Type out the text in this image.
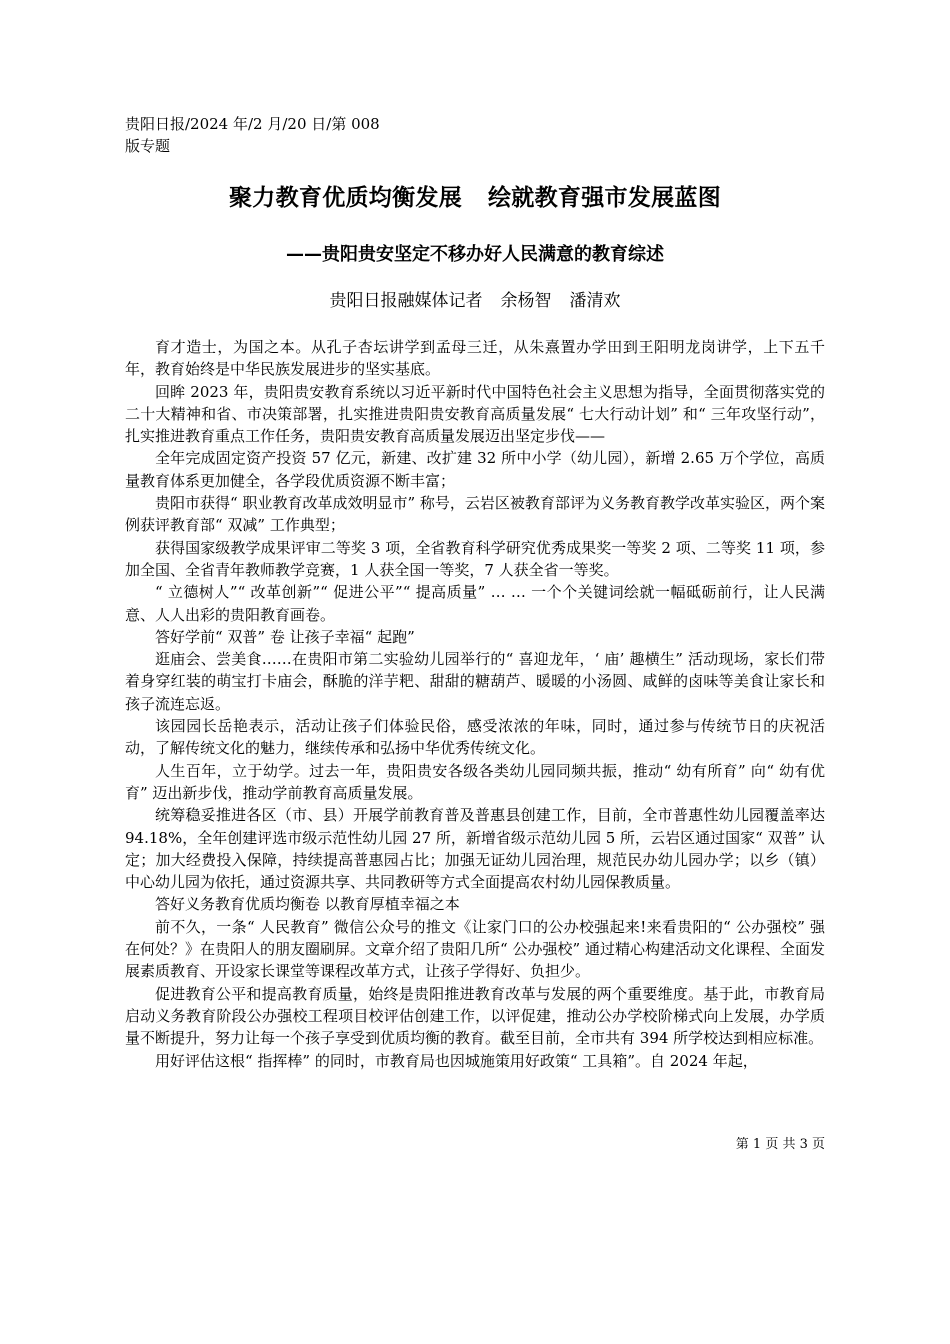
贵阳日报/2024 年/2 月/20 日/第 008
版专题
聚力教育优质均衡发展 绘就教育强市发展蓝图
——贵阳贵安坚定不移办好人民满意的教育综述
贵阳日报融媒体记者 余杨智 潘清欢

育才造士，为国之本。从孔子杏坛讲学到孟母三迁，从朱熹置办学田到王阳明龙岗讲学，上下五千年，教育始终是中华民族发展进步的坚实基底。

回眸 2023 年，贵阳贵安教育系统以习近平新时代中国特色社会主义思想为指导，全面贯彻落实党的二十大精神和省、市决策部署，扎实推进贵阳贵安教育高质量发展“ 七大行动计划” 和“ 三年攻坚行动”，扎实推进教育重点工作任务，贵阳贵安教育高质量发展迈出坚定步伐——

全年完成固定资产投资 57 亿元，新建、改扩建 32 所中小学（幼儿园），新增 2.65 万个学位，高质量教育体系更加健全，各学段优质资源不断丰富；

贵阳市获得“ 职业教育改革成效明显市” 称号，云岩区被教育部评为义务教育教学改革实验区，两个案例获评教育部“ 双减” 工作典型；

获得国家级教学成果评审二等奖 3 项，全省教育科学研究优秀成果奖一等奖 2 项、二等奖 11 项，参加全国、全省青年教师教学竞赛，1 人获全国一等奖，7 人获全省一等奖。

“ 立德树人”“ 改革创新”“ 促进公平”“ 提高质量” … … 一个个关键词绘就一幅砥砺前行，让人民满意、人人出彩的贵阳教育画卷。

答好学前“ 双普” 卷 让孩子幸福“ 起跑”

逛庙会、尝美食……在贵阳市第二实验幼儿园举行的“ 喜迎龙年，‘ 庙’ 趣横生” 活动现场，家长们带着身穿红装的萌宝打卡庙会，酥脆的洋芋粑、甜甜的糖葫芦、暖暖的小汤圆、咸鲜的卤味等美食让家长和孩子流连忘返。

该园园长岳艳表示，活动让孩子们体验民俗，感受浓浓的年味，同时，通过参与传统节日的庆祝活动，了解传统文化的魅力，继续传承和弘扬中华优秀传统文化。

人生百年，立于幼学。过去一年，贵阳贵安各级各类幼儿园同频共振，推动“ 幼有所育” 向“ 幼有优育” 迈出新步伐，推动学前教育高质量发展。

统筹稳妥推进各区（市、县）开展学前教育普及普惠县创建工作，目前，全市普惠性幼儿园覆盖率达 94.18%，全年创建评选市级示范性幼儿园 27 所，新增省级示范幼儿园 5 所，云岩区通过国家“ 双普” 认定；加大经费投入保障，持续提高普惠园占比；加强无证幼儿园治理，规范民办幼儿园办学；以乡（镇）中心幼儿园为依托，通过资源共享、共同教研等方式全面提高农村幼儿园保教质量。

答好义务教育优质均衡卷 以教育厚植幸福之本

前不久，一条“ 人民教育” 微信公众号的推文《让家门口的公办校强起来!来看贵阳的“ 公办强校” 强在何处？》在贵阳人的朋友圈刷屏。文章介绍了贵阳几所“ 公办强校” 通过精心构建活动文化课程、全面发展素质教育、开设家长课堂等课程改革方式，让孩子学得好、负担少。

促进教育公平和提高教育质量，始终是贵阳推进教育改革与发展的两个重要维度。基于此，市教育局启动义务教育阶段公办强校工程项目校评估创建工作，以评促建，推动公办学校阶梯式向上发展，办学质量不断提升，努力让每一个孩子享受到优质均衡的教育。截至目前，全市共有 394 所学校达到相应标准。

用好评估这根“ 指挥棒” 的同时，市教育局也因城施策用好政策“ 工具箱”。自 2024 年起，

第 1 页 共 3 页
